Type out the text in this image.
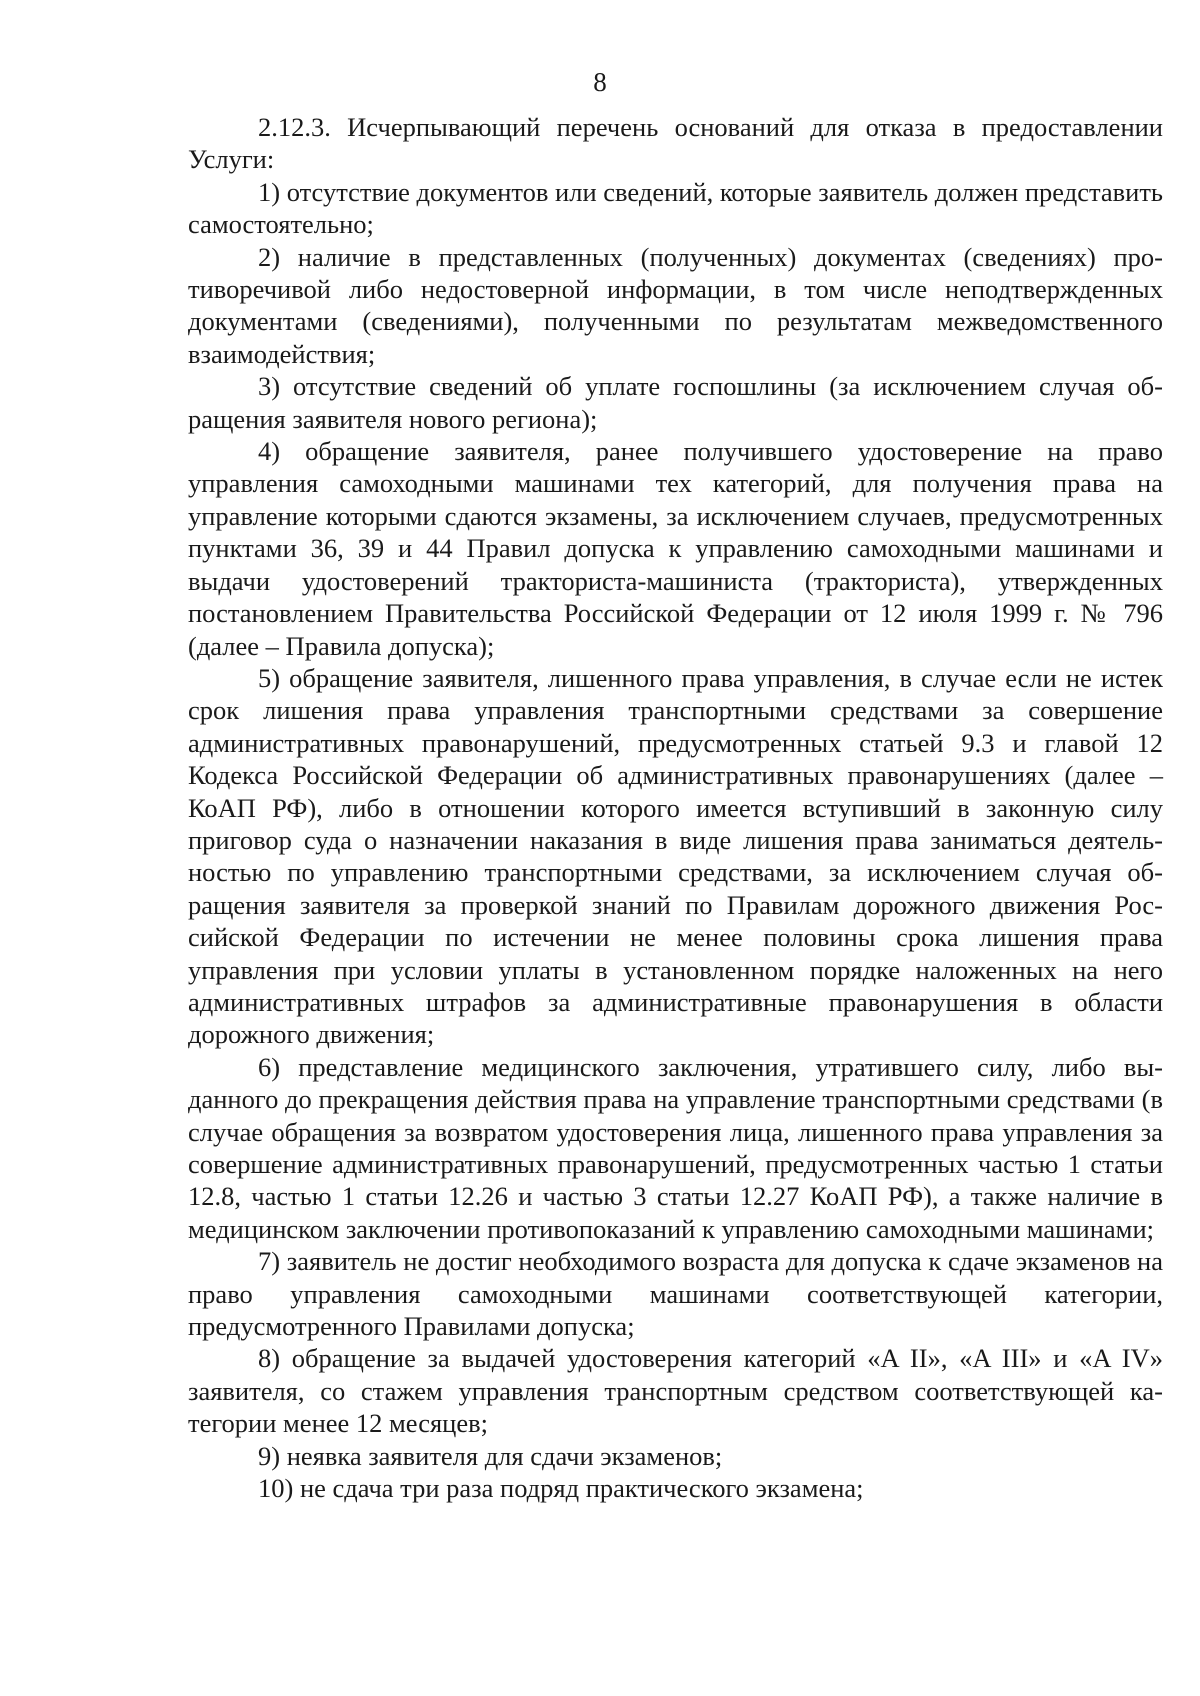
8

2.12.3. Исчерпывающий перечень оснований для отказа в предоставлении Услуги:

1) отсутствие документов или сведений, которые заявитель должен представить самостоятельно;

2) наличие в представленных (полученных) документах (сведениях) противоречивой либо недостоверной информации, в том числе неподтвержденных документами (сведениями), полученными по результатам межведомственного взаимодействия;

3) отсутствие сведений об уплате госпошлины (за исключением случая обращения заявителя нового региона);

4) обращение заявителя, ранее получившего удостоверение на право управления самоходными машинами тех категорий, для получения права на управление которыми сдаются экзамены, за исключением случаев, предусмотренных пунктами 36, 39 и 44 Правил допуска к управлению самоходными машинами и выдачи удостоверений тракториста-машиниста (тракториста), утвержденных постановлением Правительства Российской Федерации от 12 июля 1999 г. № 796 (далее – Правила допуска);

5) обращение заявителя, лишенного права управления, в случае если не истек срок лишения права управления транспортными средствами за совершение административных правонарушений, предусмотренных статьей 9.3 и главой 12 Кодекса Российской Федерации об административных правонарушениях (далее – КоАП РФ), либо в отношении которого имеется вступивший в законную силу приговор суда о назначении наказания в виде лишения права заниматься деятельностью по управлению транспортными средствами, за исключением случая обращения заявителя за проверкой знаний по Правилам дорожного движения Российской Федерации по истечении не менее половины срока лишения права управления при условии уплаты в установленном порядке наложенных на него административных штрафов за административные правонарушения в области дорожного движения;

6) представление медицинского заключения, утратившего силу, либо выданного до прекращения действия права на управление транспортными средствами (в случае обращения за возвратом удостоверения лица, лишенного права управления за совершение административных правонарушений, предусмотренных частью 1 статьи 12.8, частью 1 статьи 12.26 и частью 3 статьи 12.27 КоАП РФ), а также наличие в медицинском заключении противопоказаний к управлению самоходными машинами;

7) заявитель не достиг необходимого возраста для допуска к сдаче экзаменов на право управления самоходными машинами соответствующей категории, предусмотренного Правилами допуска;

8) обращение за выдачей удостоверения категорий «A II», «A III» и «A IV» заявителя, со стажем управления транспортным средством соответствующей категории менее 12 месяцев;

9) неявка заявителя для сдачи экзаменов;

10) не сдача три раза подряд практического экзамена;
